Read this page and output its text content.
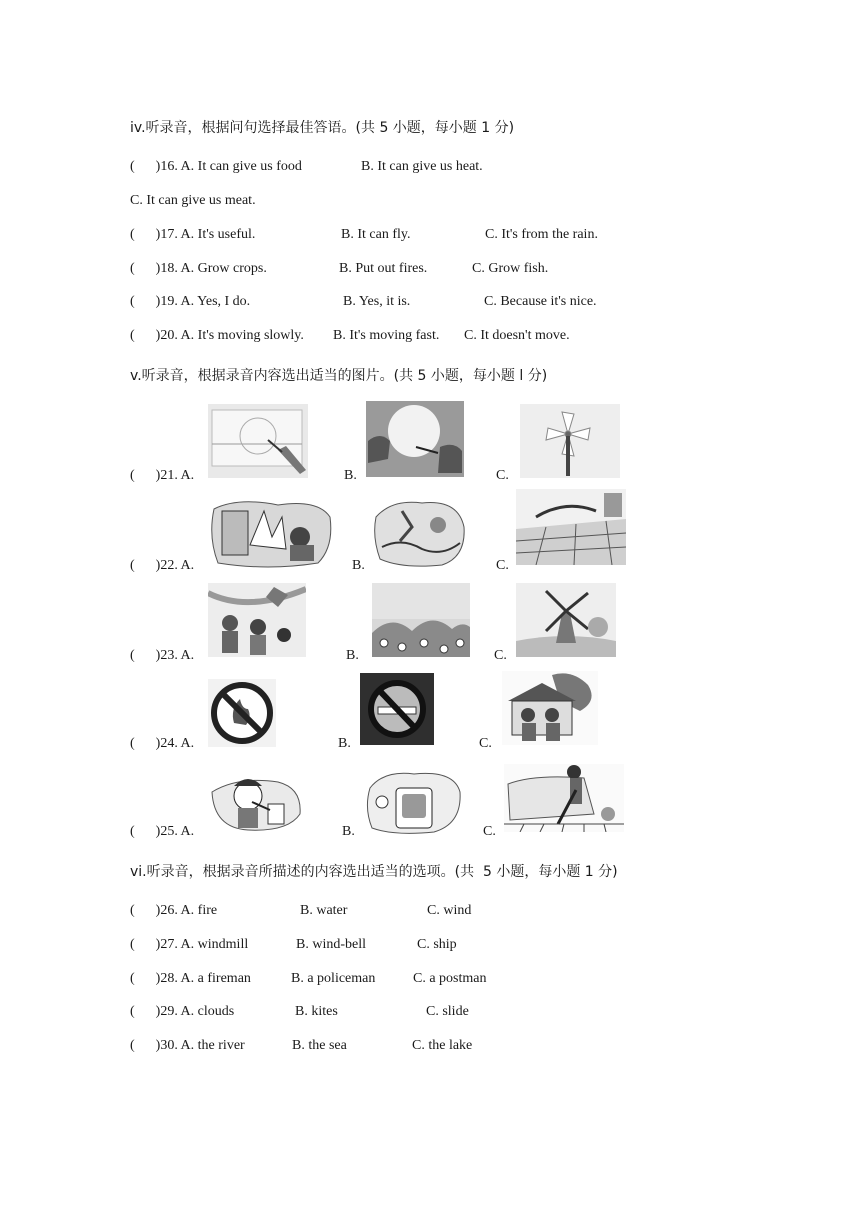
iv.听录音，根据问句选择最佳答语。(共 5 小题，每小题 1 分)
(      )16. A. It can give us food	B. It can give us heat.
C. It can give us meat.
(      )17. A. It's useful.	B. It can fly.	C. It's from the rain.
(      )18. A. Grow crops.	B. Put out fires.	C. Grow fish.
(      )19. A. Yes, I do.	B. Yes, it is.	C. Because it's nice.
(      )20. A. It's moving slowly. B. It's moving fast. C. It doesn't move.
v.听录音，根据录音内容选出适当的图片。(共 5 小题，每小题 l 分)
(      )21. A.	B.	C.
(      )22. A.	B.	C.
(      )23. A.	B.	C.
(      )24. A.	B.	C.
(      )25. A.	B.	C.
vi.听录音，根据录音所描述的内容选出适当的选项。(共  5 小题，每小题 1 分)
(      )26. A. fire	B. water	C. wind
(      )27. A. windmill	B. wind-bell	C. ship
(      )28. A. a fireman	B. a policeman	C. a postman
(      )29. A. clouds	B. kites	C. slide
(      )30. A. the river	B. the sea	C. the lake
